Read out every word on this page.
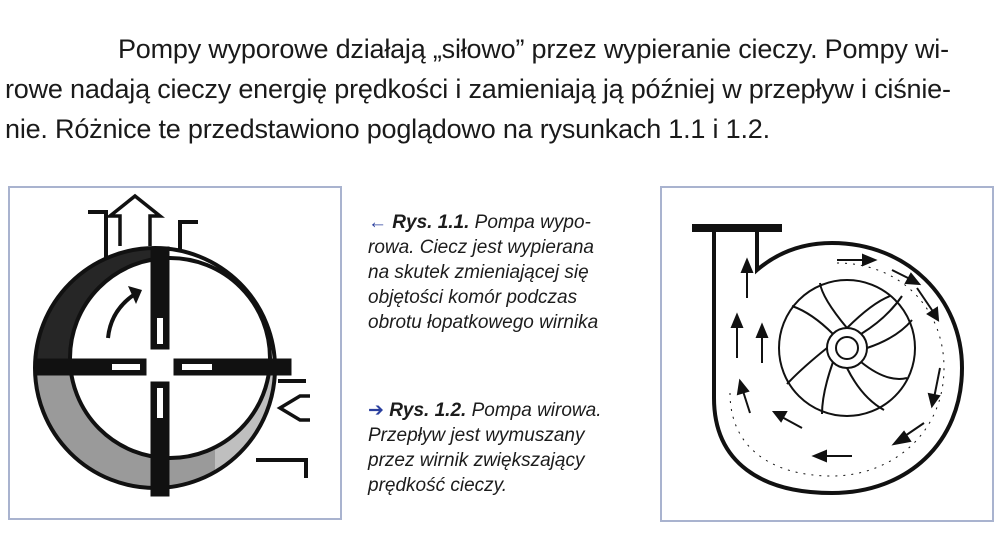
Pompy wyporowe działają „siłowo” przez wypieranie cieczy. Pompy wi-
rowe nadają cieczy energię prędkości i zamieniają ją później w przepływ i ciśnie-
nie. Różnice te przedstawiono poglądowo na rysunkach 1.1 i 1.2.
← Rys. 1.1. Pompa wypo-
rowa. Ciecz jest wypierana
na skutek zmieniającej się
objętości komór podczas
obrotu łopatkowego wirnika
➔ Rys. 1.2. Pompa wirowa.
Przepływ jest wymuszany
przez wirnik zwiększający
prędkość cieczy.
